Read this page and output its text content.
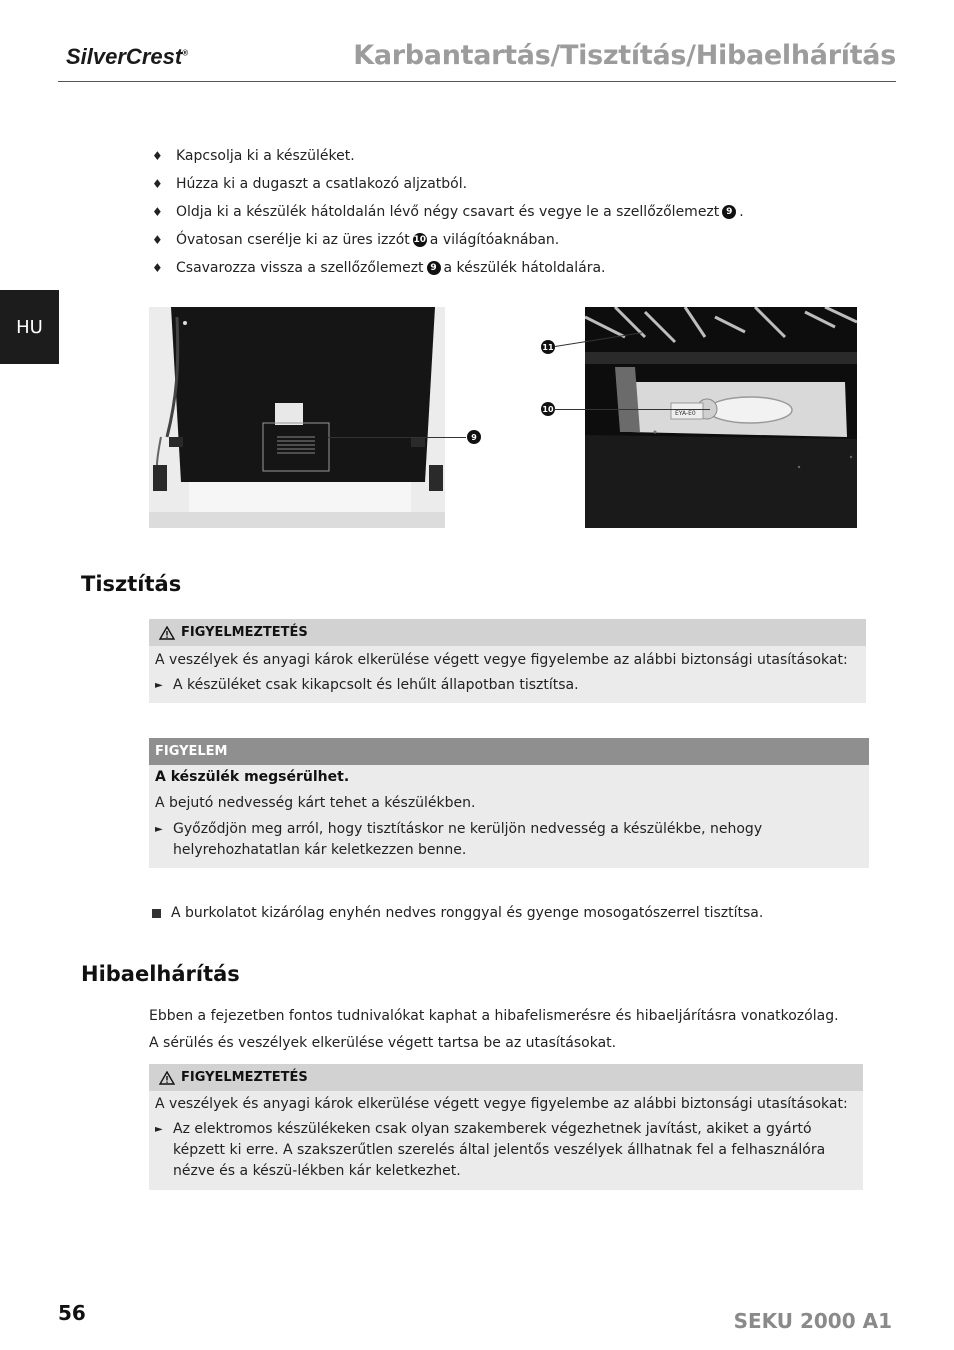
SilverCrest®	Karbantartás/Tisztítás/Hibaelhárítás
HU
♦ Kapcsolja ki a készüléket.
♦ Húzza ki a dugaszt a csatlakozó aljzatból.
♦ Oldja ki a készülék hátoldalán lévő négy csavart és vegye le a szellőzőlemezt 9 .
♦ Óvatosan cserélje ki az üres izzót 10 a világítóaknában.
♦ Csavarozza vissza a szellőzőlemezt 9 a készülék hátoldalára.
9
EYA-E0
11
10
Tisztítás
FIGYELMEZTETÉS

A veszélyek és anyagi károk elkerülése végett vegye figyelembe az alábbi biztonsági utasításokat:

► A készüléket csak kikapcsolt és lehűlt állapotban tisztítsa.
FIGYELEM

A készülék megsérülhet.

A bejutó nedvesség kárt tehet a készülékben.

► Győződjön meg arról, hogy tisztításkor ne kerüljön nedvesség a készülékbe, nehogy helyrehozhatatlan kár keletkezzen benne.
A burkolatot kizárólag enyhén nedves ronggyal és gyenge mosogatószerrel tisztítsa.
Hibaelhárítás

Ebben a fejezetben fontos tudnivalókat kaphat a hibafelismerésre és hibaeljárításra vonatkozólag.

A sérülés és veszélyek elkerülése végett tartsa be az utasításokat.

FIGYELMEZTETÉS

A veszélyek és anyagi károk elkerülése végett vegye figyelembe az alábbi biztonsági utasításokat:

► Az elektromos készülékeken csak olyan szakemberek végezhetnek javítást, akiket a gyártó képzett ki erre. A szakszerűtlen szerelés által jelentős veszélyek állhatnak fel a felhasználóra nézve és a készü-lékben kár keletkezhet.
56	SEKU 2000 A1
